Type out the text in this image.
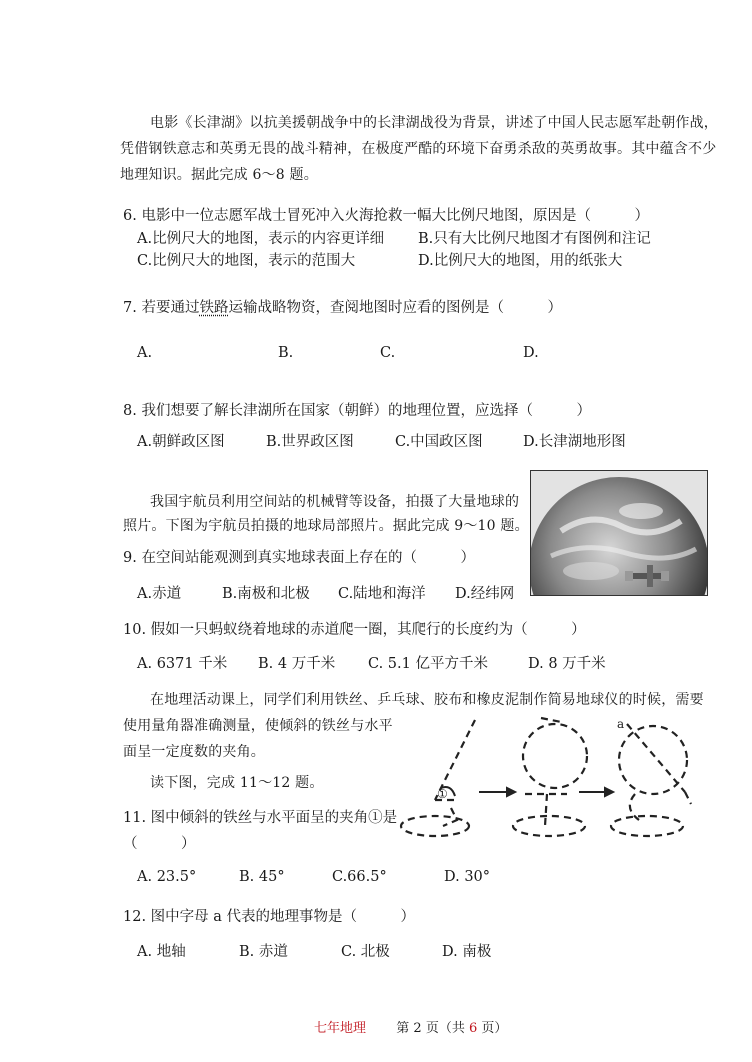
电影《长津湖》以抗美援朝战争中的长津湖战役为背景，讲述了中国人民志愿军赴朝作战，
凭借钢铁意志和英勇无畏的战斗精神，在极度严酷的环境下奋勇杀敌的英勇故事。其中蕴含不少
地理知识。据此完成 6～8 题。
6. 电影中一位志愿军战士冒死冲入火海抢救一幅大比例尺地图，原因是（　　　）
A.比例尺大的地图，表示的内容更详细 B.只有大比例尺地图才有图例和注记
C.比例尺大的地图，表示的范围大	D.比例尺大的地图，用的纸张大
7. 若要通过铁路运输战略物资，查阅地图时应看的图例是（　　　）
A.	B.	C.	D.
8. 我们想要了解长津湖所在国家（朝鲜）的地理位置，应选择（　　　）
A.朝鲜政区图	B.世界政区图	C.中国政区图	D.长津湖地形图
我国宇航员利用空间站的机械臂等设备，拍摄了大量地球的
照片。下图为宇航员拍摄的地球局部照片。据此完成 9～10 题。
9. 在空间站能观测到真实地球表面上存在的（　　　）
A.赤道	B.南极和北极 C.陆地和海洋 D.经纬网
10. 假如一只蚂蚁绕着地球的赤道爬一圈，其爬行的长度约为（　　　）
A. 6371 千米 B. 4 万千米 C. 5.1 亿平方千米	D. 8 万千米
在地理活动课上，同学们利用铁丝、乒乓球、胶布和橡皮泥制作简易地球仪的时候，需要
使用量角器准确测量，使倾斜的铁丝与水平
面呈一定度数的夹角。
读下图，完成 11～12 题。
①
a
11. 图中倾斜的铁丝与水平面呈的夹角①是
（　　　）
A. 23.5°	B. 45°	C.66.5°	D. 30°
12. 图中字母 a 代表的地理事物是（　　　）
A. 地轴	B. 赤道	C. 北极	D. 南极
七年地理 第 2 页（共 6 页）
